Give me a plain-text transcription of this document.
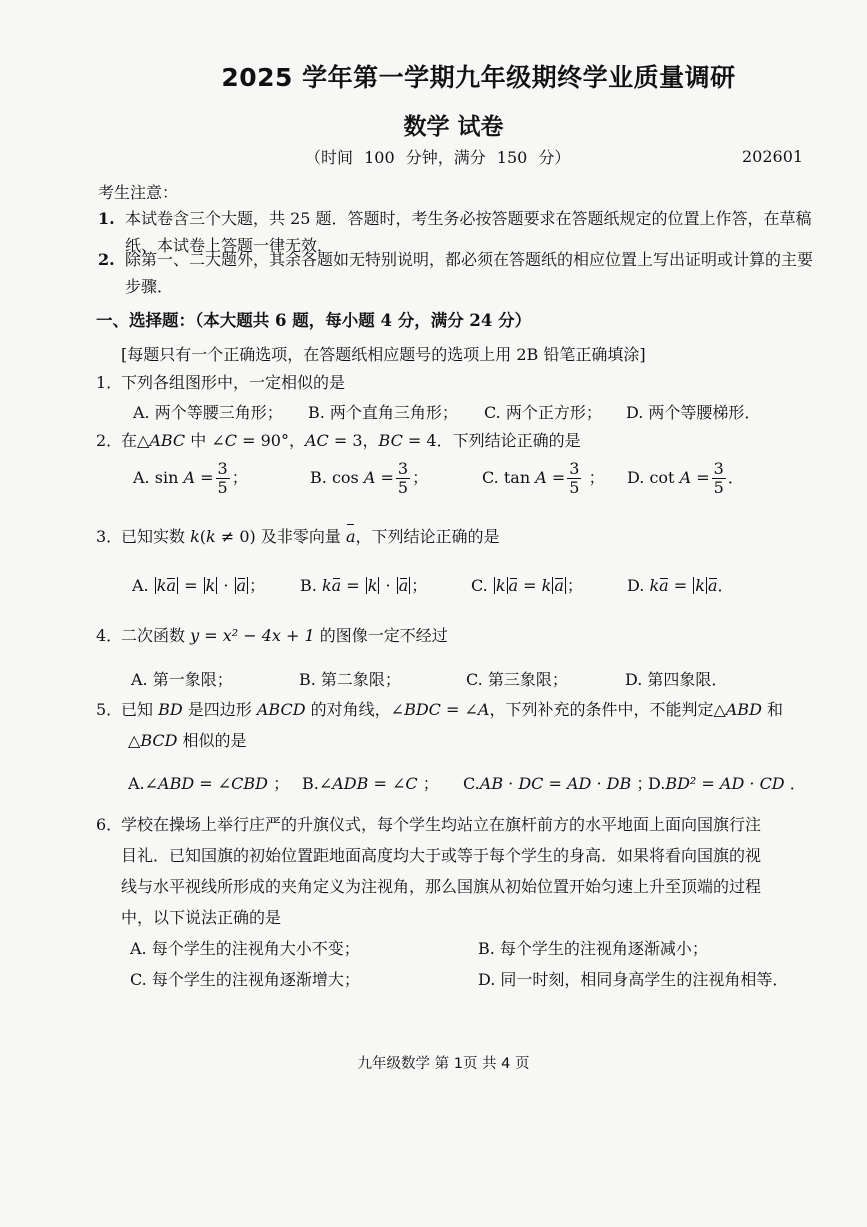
2025 学年第一学期九年级期终学业质量调研
数学 试卷
（时间 100 分钟，满分 150 分）	202601
考生注意：
1. 本试卷含三个大题，共 25 题．答题时，考生务必按答题要求在答题纸规定的位置上作答，在草稿纸、本试卷上答题一律无效．
2. 除第一、二大题外，其余各题如无特别说明，都必须在答题纸的相应位置上写出证明或计算的主要步骤．
一、选择题：（本大题共 6 题，每小题 4 分，满分 24 分）
[每题只有一个正确选项，在答题纸相应题号的选项上用 2B 铅笔正确填涂]
1．
下列各组图形中，一定相似的是
A. 两个等腰三角形； B. 两个直角三角形； C. 两个正方形； D. 两个等腰梯形．
2．
在△ABC 中 ∠C = 90°，AC = 3，BC = 4．下列结论正确的是
A. $\sin A = \frac{3}{5}$ ；	B. $\cos A = \frac{3}{5}$ ；	C. $\tan A = \frac{3}{5}$ ； D. $\cot A = \frac{3}{5}$ ．
3．
已知实数 k(k ≠ 0) 及非零向量 a，下列结论正确的是
A. ka = k · a ； B. ka = k · a ；	C. k a = k a ；	D. ka = k a．
4．
二次函数 y = x² − 4x + 1 的图像一定不经过
A. 第一象限；	B. 第二象限；	C. 第三象限；	D. 第四象限．
5．
已知 BD 是四边形 ABCD 的对角线，∠BDC = ∠A，下列补充的条件中，不能判定△ABD 和
△BCD 相似的是
A.∠ABD = ∠CBD ； B.∠ADB = ∠C ； C.AB · DC = AD · DB ；
D.BD² = AD · CD ．
6．
学校在操场上举行庄严的升旗仪式，每个学生均站立在旗杆前方的水平地面上面向国旗行注
目礼．已知国旗的初始位置距地面高度均大于或等于每个学生的身高．如果将看向国旗的视
线与水平视线所形成的夹角定义为注视角，那么国旗从初始位置开始匀速上升至顶端的过程
中，以下说法正确的是
A. 每个学生的注视角大小不变；	B. 每个学生的注视角逐渐减小；
C. 每个学生的注视角逐渐增大；	D. 同一时刻，相同身高学生的注视角相等．
九年级数学 第 1页 共 4 页
